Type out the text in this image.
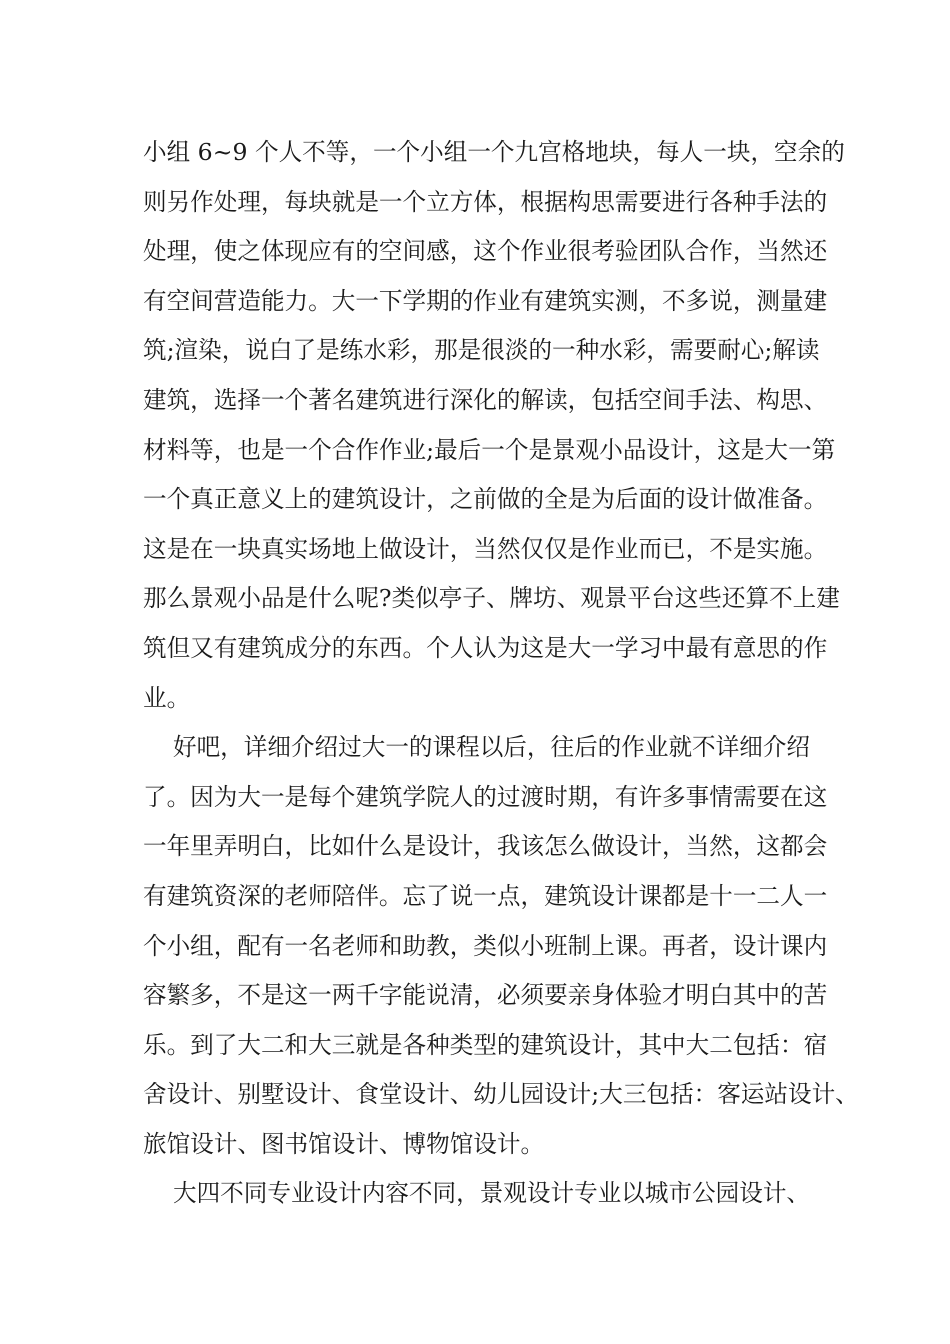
小组 6~9 个人不等，一个小组一个九宫格地块，每人一块，空余的
则另作处理，每块就是一个立方体，根据构思需要进行各种手法的
处理，使之体现应有的空间感，这个作业很考验团队合作，当然还
有空间营造能力。大一下学期的作业有建筑实测，不多说，测量建
筑;渲染，说白了是练水彩，那是很淡的一种水彩，需要耐心;解读
建筑，选择一个著名建筑进行深化的解读，包括空间手法、构思、
材料等，也是一个合作作业;最后一个是景观小品设计，这是大一第
一个真正意义上的建筑设计，之前做的全是为后面的设计做准备。
这是在一块真实场地上做设计，当然仅仅是作业而已，不是实施。
那么景观小品是什么呢?类似亭子、牌坊、观景平台这些还算不上建
筑但又有建筑成分的东西。个人认为这是大一学习中最有意思的作
业。
好吧，详细介绍过大一的课程以后，往后的作业就不详细介绍
了。因为大一是每个建筑学院人的过渡时期，有许多事情需要在这
一年里弄明白，比如什么是设计，我该怎么做设计，当然，这都会
有建筑资深的老师陪伴。忘了说一点，建筑设计课都是十一二人一
个小组，配有一名老师和助教，类似小班制上课。再者，设计课内
容繁多，不是这一两千字能说清，必须要亲身体验才明白其中的苦
乐。到了大二和大三就是各种类型的建筑设计，其中大二包括：宿
舍设计、别墅设计、食堂设计、幼儿园设计;大三包括：客运站设计、
旅馆设计、图书馆设计、博物馆设计。
大四不同专业设计内容不同，景观设计专业以城市公园设计、
